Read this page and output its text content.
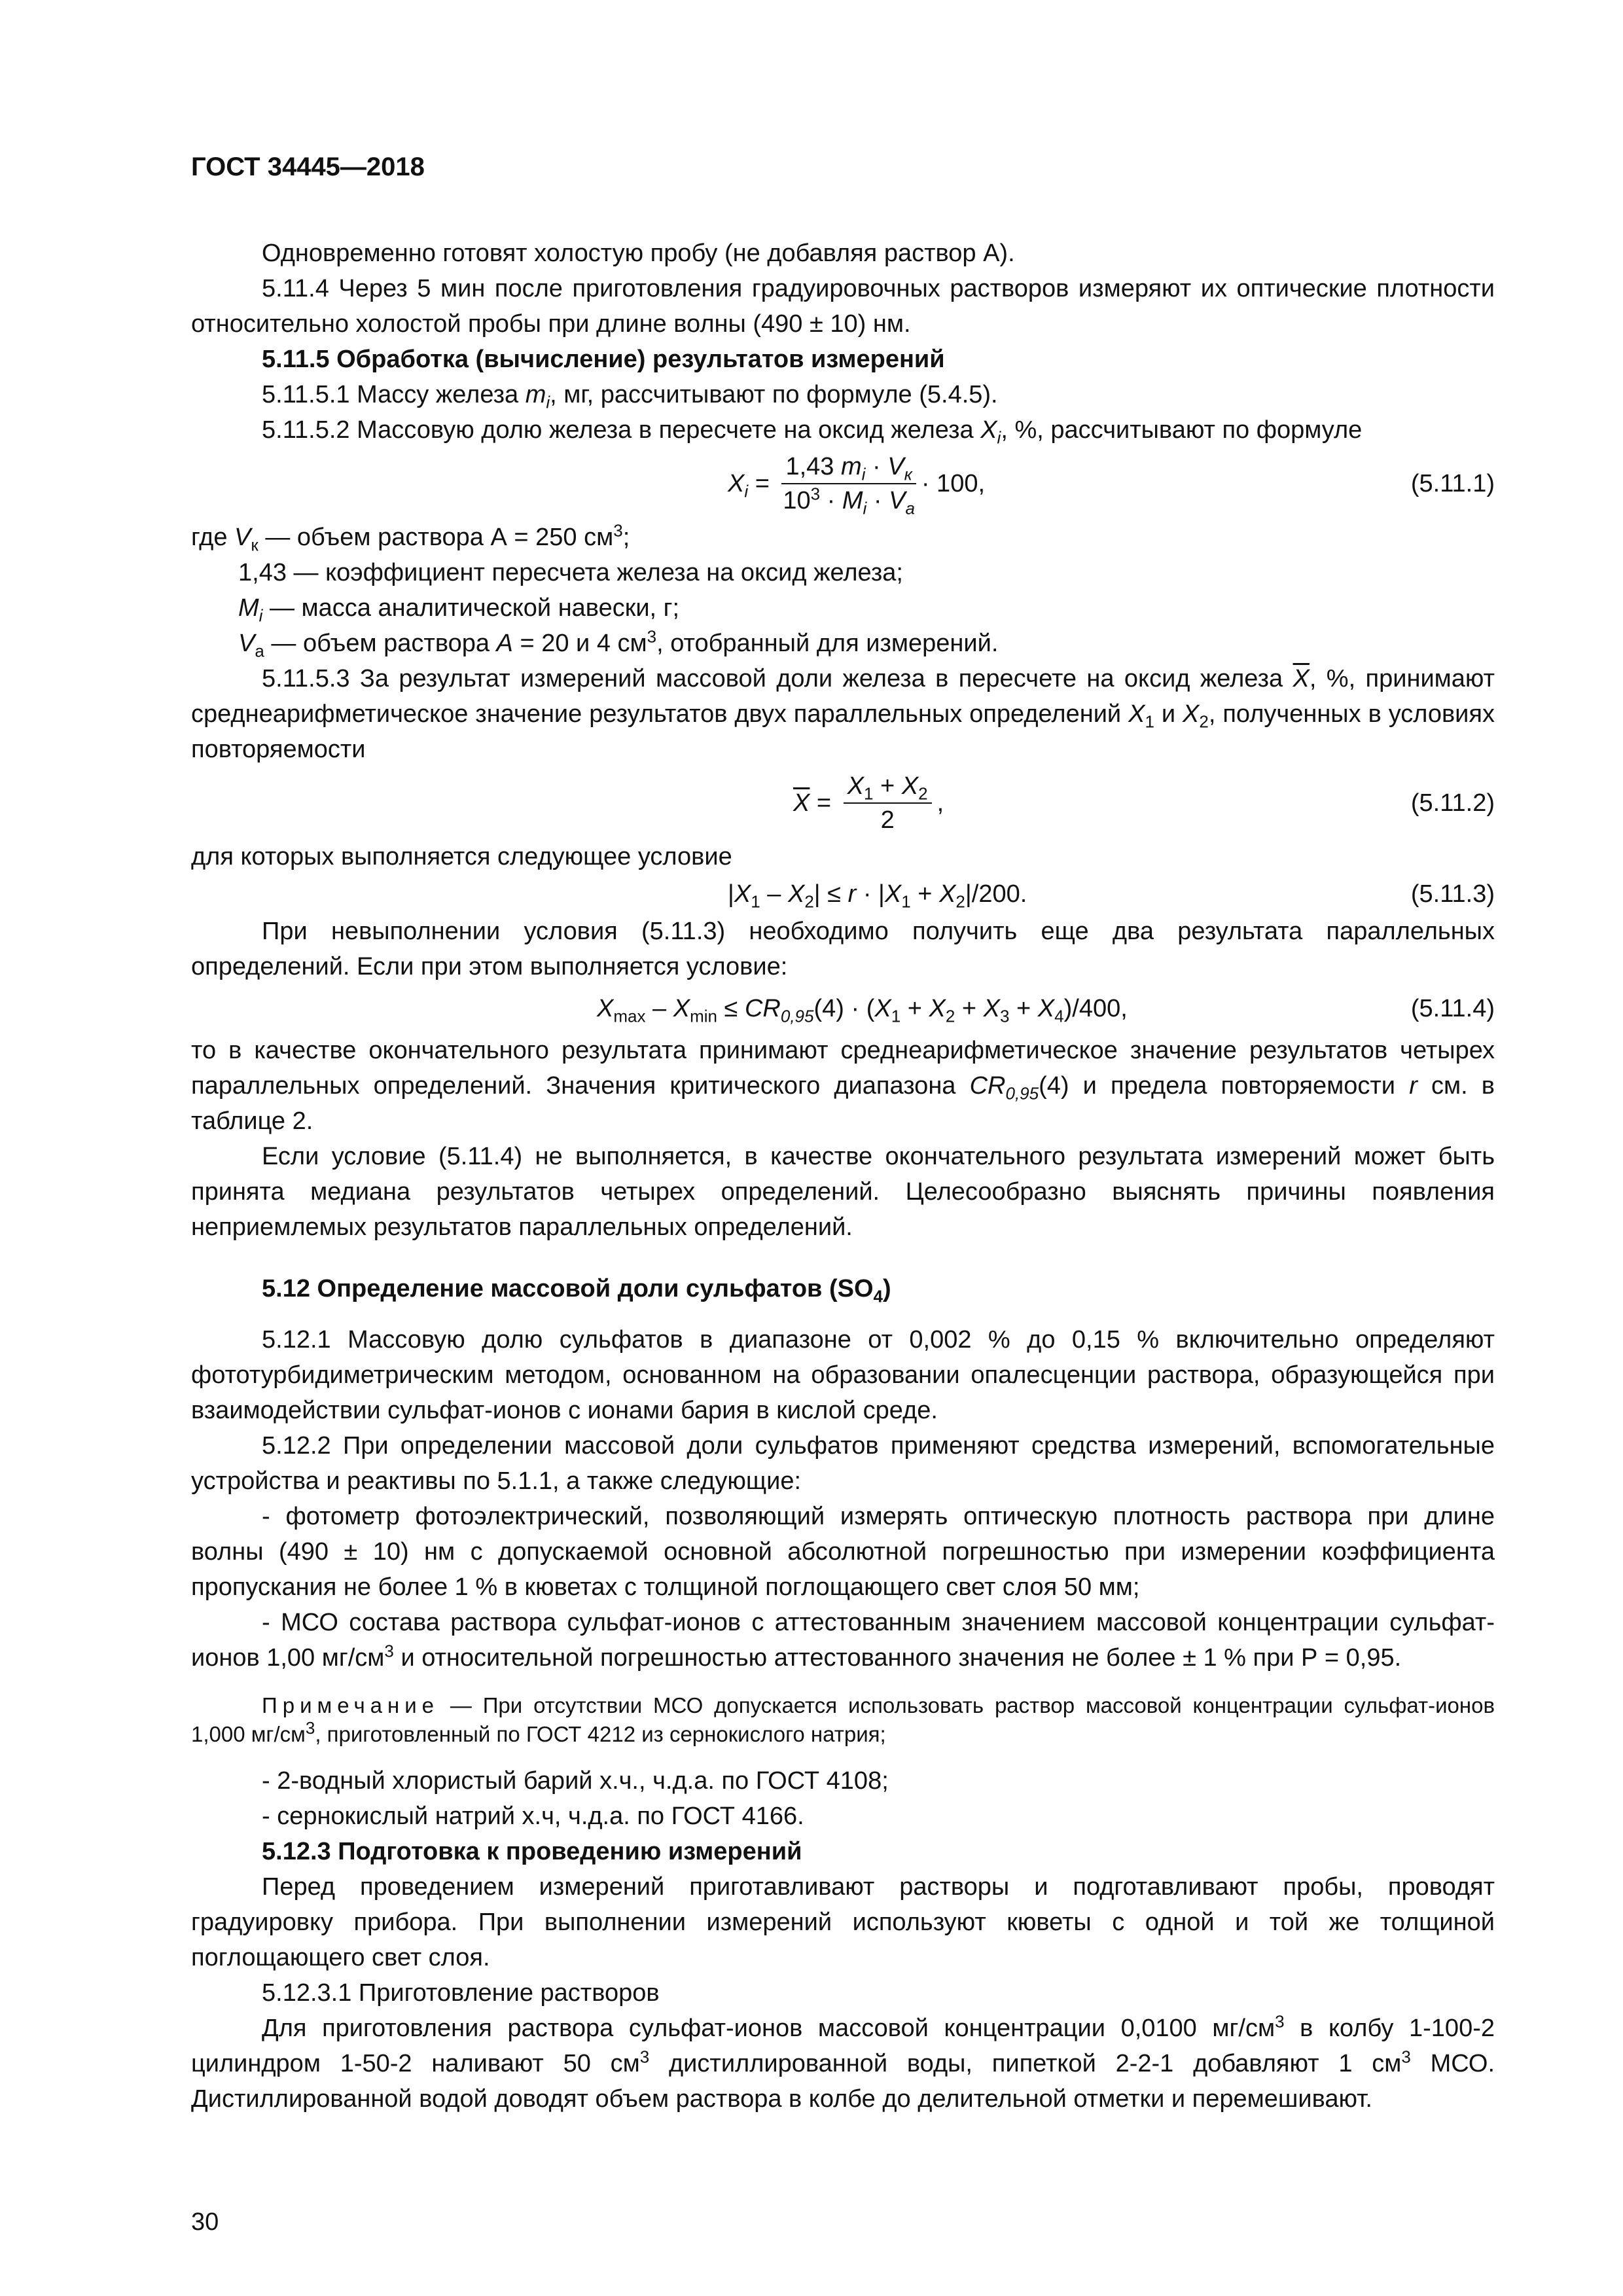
ГОСТ 34445—2018

Одновременно готовят холостую пробу (не добавляя раствор А).

5.11.4 Через 5 мин после приготовления градуировочных растворов измеряют их оптические плотности относительно холостой пробы при длине волны (490 ± 10) нм.

5.11.5 Обработка (вычисление) результатов измерений

5.11.5.1 Массу железа $m_i$, мг, рассчитывают по формуле (5.4.5).

5.11.5.2 Массовую долю железа в пересчете на оксид железа $X_i$, %, рассчитывают по формуле

$X_i = \frac{1,43 m_i \cdot V_к}{10^3 \cdot M_i \cdot V_a} \cdot 100$,	(5.11.1)

где $V_к$ — объем раствора А = 250 $см^3$;

1,43 — коэффициент пересчета железа на оксид железа;

$M_i$ — масса аналитической навески, г;

$V_a$ — объем раствора A = 20 и 4 $см^3$, отобранный для измерений.

5.11.5.3 За результат измерений массовой доли железа в пересчете на оксид железа $\overline{X}$, %, принимают среднеарифметическое значение результатов двух параллельных определений $X_1$ и $X_2$, полученных в условиях повторяемости

$\overline{X} = \frac{X_1 + X_2}{2}$ ,	(5.11.2)

для которых выполняется следующее условие

$|X_1 - X_2| \le r \cdot |X_1 + X_2|/200$.	(5.11.3)

При невыполнении условия (5.11.3) необходимо получить еще два результата параллельных определений. Если при этом выполняется условие:

$X_{max} - X_{min} \le CR_{0,95}(4) \cdot (X_1 + X_2 + X_3 + X_4)/400$,	(5.11.4)

то в качестве окончательного результата принимают среднеарифметическое значение результатов четырех параллельных определений. Значения критического диапазона $CR_{0,95}(4)$ и предела повторяемости r см. в таблице 2.

Если условие (5.11.4) не выполняется, в качестве окончательного результата измерений может быть принята медиана результатов четырех определений. Целесообразно выяснять причины появления неприемлемых результатов параллельных определений.

5.12 Определение массовой доли сульфатов $(SO_4)$

5.12.1 Массовую долю сульфатов в диапазоне от 0,002 % до 0,15 % включительно определяют фототурбидиметрическим методом, основанном на образовании опалесценции раствора, образующейся при взаимодействии сульфат-ионов с ионами бария в кислой среде.

5.12.2 При определении массовой доли сульфатов применяют средства измерений, вспомогательные устройства и реактивы по 5.1.1, а также следующие:

- фотометр фотоэлектрический, позволяющий измерять оптическую плотность раствора при длине волны (490 ± 10) нм с допускаемой основной абсолютной погрешностью при измерении коэффициента пропускания не более 1 % в кюветах с толщиной поглощающего свет слоя 50 мм;

- МСО состава раствора сульфат-ионов с аттестованным значением массовой концентрации сульфат-ионов 1,00 $мг/см^3$ и относительной погрешностью аттестованного значения не более ± 1 % при Р = 0,95.

Примечание — При отсутствии МСО допускается использовать раствор массовой концентрации сульфат-ионов 1,000 $мг/см^3$, приготовленный по ГОСТ 4212 из сернокислого натрия;

- 2-водный хлористый барий х.ч., ч.д.а. по ГОСТ 4108;

- сернокислый натрий х.ч, ч.д.а. по ГОСТ 4166.

5.12.3 Подготовка к проведению измерений

Перед проведением измерений приготавливают растворы и подготавливают пробы, проводят градуировку прибора. При выполнении измерений используют кюветы с одной и той же толщиной поглощающего свет слоя.

5.12.3.1 Приготовление растворов

Для приготовления раствора сульфат-ионов массовой концентрации 0,0100 $мг/см^3$ в колбу 1-100-2 цилиндром 1-50-2 наливают 50 $см^3$ дистиллированной воды, пипеткой 2-2-1 добавляют 1 $см^3$ МСО. Дистиллированной водой доводят объем раствора в колбе до делительной отметки и перемешивают.

30
